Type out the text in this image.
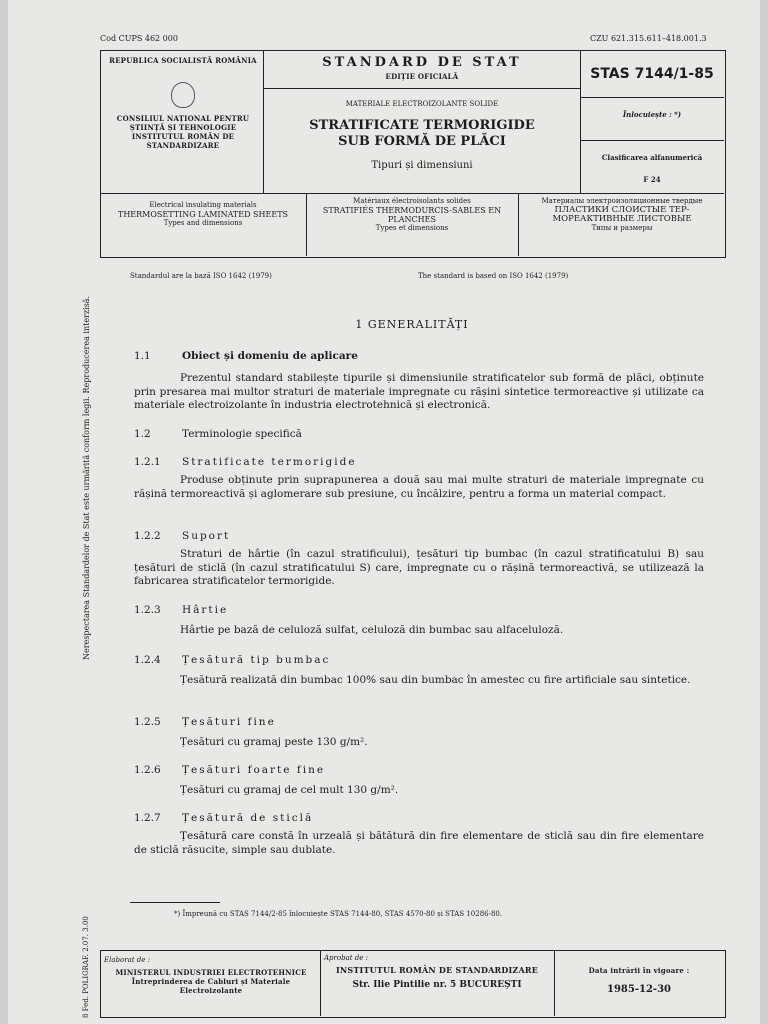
Cod CUPS 462 000	CZU 621.315.611–418.001.3
REPUBLICA SOCIALISTĂ ROMÂNIA
CONSILIUL NAȚIONAL PENTRU ȘTIINȚĂ ȘI TEHNOLOGIE INSTITUTUL ROMÂN DE STANDARDIZARE
STANDARD DE STAT
EDIȚIE OFICIALĂ
MATERIALE ELECTROIZOLANTE SOLIDE
STRATIFICATE TERMORIGIDE
SUB FORMĂ DE PLĂCI
Tipuri și dimensiuni
STAS 7144/1-85
Înlocuiește : *)
Clasificarea alfanumerică
F 24
Electrical insulating materials
THERMOSETTING LAMINATED SHEETS
Types and dimensions
Matériaux électroisolants solides
STRATIFIÉS THERMODURCIS-SABLES EN PLANCHES
Types et dimensions
Материалы электроизоляционные твердые
ПЛАСТИКИ СЛОИСТЫЕ ТЕР-МОРЕАКТИВНЫЕ ЛИСТОВЫЕ
Типы и размеры
Standardul are la bază ISO 1642 (1979)	The standard is based on ISO 1642 (1979)
1 GENERALITĂȚI
1.1	Obiect și domeniu de aplicare
Prezentul standard stabilește tipurile și dimensiunile stratificatelor sub formă de plăci, obținute prin presarea mai multor straturi de materiale impregnate cu rășini sintetice termoreactive și utilizate ca materiale electroizolante în industria electrotehnică și electronică.
1.2	Terminologie specifică
1.2.1 Stratificate termorigide
Produse obținute prin suprapunerea a două sau mai multe straturi de materiale impregnate cu rășină termoreactivă și aglomerare sub presiune, cu încălzire, pentru a forma un material compact.
1.2.2 Suport
Straturi de hârtie (în cazul stratificului), țesături tip bumbac (în cazul stratificatului B) sau țesături de sticlă (în cazul stratificatului S) care, impregnate cu o rășină termoreactivă, se utilizează la fabricarea stratificatelor termorigide.
1.2.3 Hârtie
Hârtie pe bază de celuloză sulfat, celuloză din bumbac sau alfaceluloză.
1.2.4 Țesătură tip bumbac
Țesătură realizată din bumbac 100% sau din bumbac în amestec cu fire artificiale sau sintetice.
1.2.5 Țesături fine
Țesături cu gramaj peste 130 g/m².
1.2.6 Țesături foarte fine
Țesături cu gramaj de cel mult 130 g/m².
1.2.7 Țesătură de sticlă
Țesătură care constă în urzeală și bătătură din fire elementare de sticlă sau din fire elementare de sticlă răsucite, simple sau dublate.
*) Împreună cu STAS 7144/2-85 înlocuiește STAS 7144-80, STAS 4570-80 și STAS 10286-80.
Elaborat de :
MINISTERUL INDUSTRIEI ELECTROTEHNICE Întreprinderea de Cabluri și Materiale Electroizolante
Aprobat de :
INSTITUTUL ROMÂN DE STANDARDIZARE
Str. Ilie Pintilie nr. 5 BUCUREȘTI
Data intrării în vigoare :
1985-12-30
Nerespectarea Standardelor de Stat este urmărită conform legii. Reproducerea interzisă.
8 Fed. POLIGRAF. 2.07. 3.00
